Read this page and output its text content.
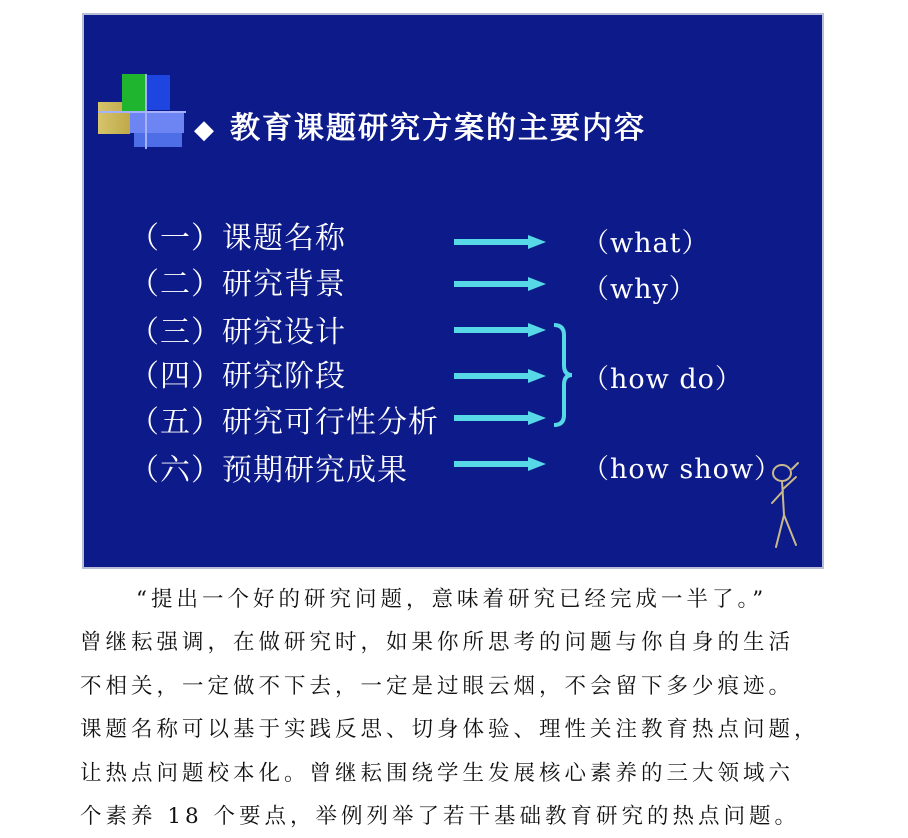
◆ 教育课题研究方案的主要内容
（一）课题名称
（二）研究背景
（三）研究设计
（四）研究阶段
（五）研究可行性分析
（六）预期研究成果
（what）
（why）
（how do）
（how show）
“提出一个好的研究问题，意味着研究已经完成一半了。”
曾继耘强调，在做研究时，如果你所思考的问题与你自身的生活
不相关，一定做不下去，一定是过眼云烟，不会留下多少痕迹。
课题名称可以基于实践反思、切身体验、理性关注教育热点问题，
让热点问题校本化。曾继耘围绕学生发展核心素养的三大领域六
个素养 18 个要点，举例列举了若干基础教育研究的热点问题。
